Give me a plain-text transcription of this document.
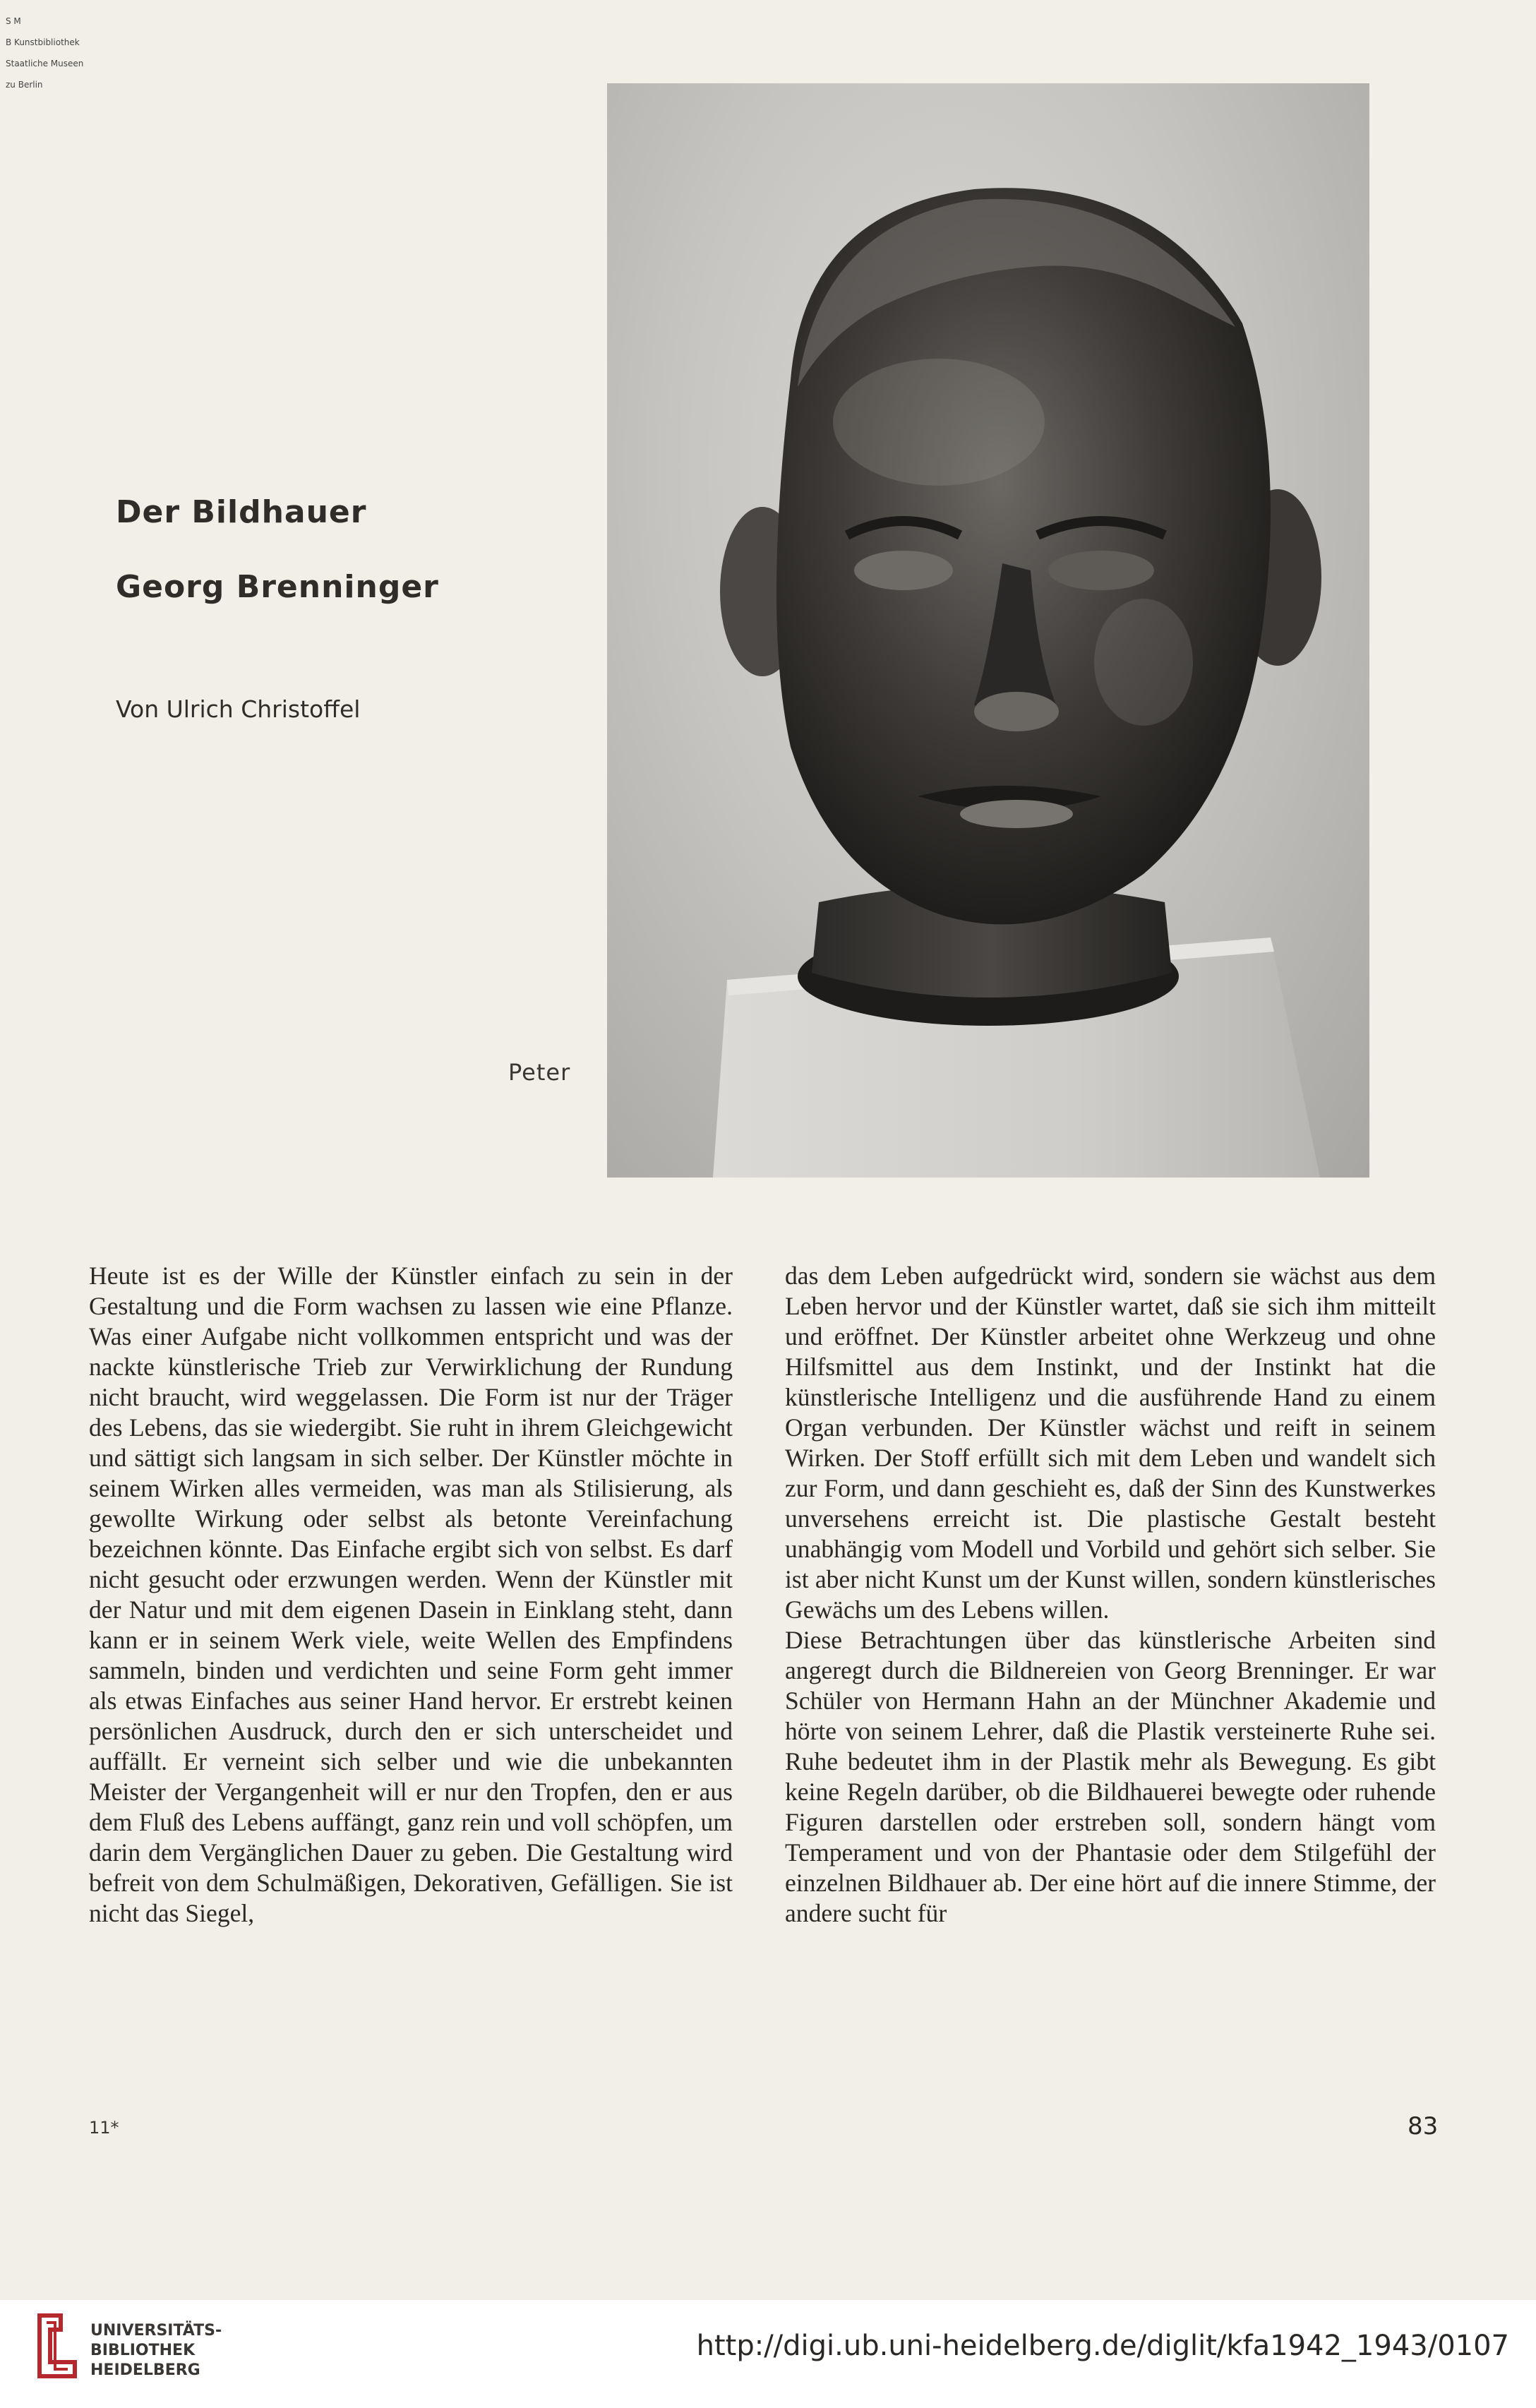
S M

B Kunstbibliothek

Staatliche Museen

zu Berlin

Der Bildhauer
Georg Brenninger
Von Ulrich Christoffel
Peter

Heute ist es der Wille der Künstler einfach zu sein in der Gestaltung und die Form wachsen zu lassen wie eine Pflanze. Was einer Aufgabe nicht vollkommen entspricht und was der nackte künstlerische Trieb zur Verwirklichung der Rundung nicht braucht, wird weggelassen. Die Form ist nur der Träger des Lebens, das sie wiedergibt. Sie ruht in ihrem Gleichgewicht und sättigt sich langsam in sich selber. Der Künstler möchte in seinem Wirken alles vermeiden, was man als Stilisierung, als gewollte Wirkung oder selbst als betonte Vereinfachung bezeichnen könnte. Das Einfache ergibt sich von selbst. Es darf nicht gesucht oder erzwungen werden. Wenn der Künstler mit der Natur und mit dem eigenen Dasein in Einklang steht, dann kann er in seinem Werk viele, weite Wellen des Empfindens sammeln, binden und verdichten und seine Form geht immer als etwas Einfaches aus seiner Hand hervor. Er erstrebt keinen persönlichen Ausdruck, durch den er sich unterscheidet und auffällt. Er verneint sich selber und wie die unbekannten Meister der Vergangenheit will er nur den Tropfen, den er aus dem Fluß des Lebens auffängt, ganz rein und voll schöpfen, um darin dem Vergänglichen Dauer zu geben. Die Gestaltung wird befreit von dem Schulmäßigen, Dekorativen, Gefälligen. Sie ist nicht das Siegel,

das dem Leben aufgedrückt wird, sondern sie wächst aus dem Leben hervor und der Künstler wartet, daß sie sich ihm mitteilt und eröffnet. Der Künstler arbeitet ohne Werkzeug und ohne Hilfsmittel aus dem Instinkt, und der Instinkt hat die künstlerische Intelligenz und die ausführende Hand zu einem Organ verbunden. Der Künstler wächst und reift in seinem Wirken. Der Stoff erfüllt sich mit dem Leben und wandelt sich zur Form, und dann geschieht es, daß der Sinn des Kunstwerkes unversehens erreicht ist. Die plastische Gestalt besteht unabhängig vom Modell und Vorbild und gehört sich selber. Sie ist aber nicht Kunst um der Kunst willen, sondern künstlerisches Gewächs um des Lebens willen.

Diese Betrachtungen über das künstlerische Arbeiten sind angeregt durch die Bildnereien von Georg Brenninger. Er war Schüler von Hermann Hahn an der Münchner Akademie und hörte von seinem Lehrer, daß die Plastik versteinerte Ruhe sei. Ruhe bedeutet ihm in der Plastik mehr als Bewegung. Es gibt keine Regeln darüber, ob die Bildhauerei bewegte oder ruhende Figuren darstellen oder erstreben soll, sondern hängt vom Temperament und von der Phantasie oder dem Stilgefühl der einzelnen Bildhauer ab. Der eine hört auf die innere Stimme, der andere sucht für

11*	83
UNIVERSITÄTS-
BIBLIOTHEK
HEIDELBERG
http://digi.ub.uni-heidelberg.de/diglit/kfa1942_1943/0107
